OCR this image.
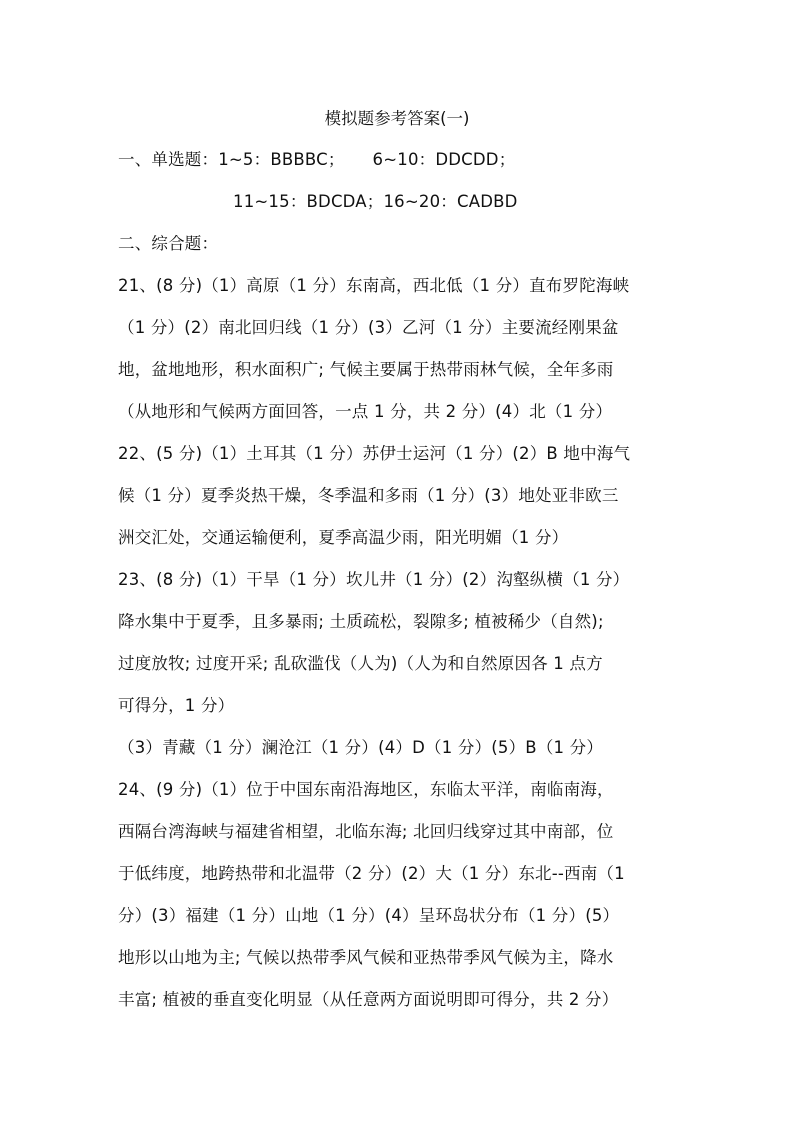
模拟题参考答案(一)
一、单选题：1~5：BBBBC； 6~10：DDCDD；
11~15：BDCDA；16~20：CADBD
二、综合题：
21、(8 分)（1）高原（1 分）东南高，西北低（1 分）直布罗陀海峡
（1 分）(2）南北回归线（1 分）(3）乙河（1 分）主要流经刚果盆
地，盆地地形，积水面积广; 气候主要属于热带雨林气候，全年多雨
（从地形和气候两方面回答，一点 1 分，共 2 分）(4）北（1 分）
22、(5 分)（1）土耳其（1 分）苏伊士运河（1 分）(2）B 地中海气
候（1 分）夏季炎热干燥，冬季温和多雨（1 分）(3）地处亚非欧三
洲交汇处，交通运输便利，夏季高温少雨，阳光明媚（1 分）
23、(8 分)（1）干旱（1 分）坎儿井（1 分）(2）沟壑纵横（1 分）
降水集中于夏季，且多暴雨; 土质疏松，裂隙多; 植被稀少（自然);
过度放牧; 过度开采; 乱砍滥伐（人为)（人为和自然原因各 1 点方
可得分，1 分）
（3）青藏（1 分）澜沧江（1 分）(4）D（1 分）(5）B（1 分）
24、(9 分)（1）位于中国东南沿海地区，东临太平洋，南临南海，
西隔台湾海峡与福建省相望，北临东海; 北回归线穿过其中南部，位
于低纬度，地跨热带和北温带（2 分）(2）大（1 分）东北--西南（1
分）(3）福建（1 分）山地（1 分）(4）呈环岛状分布（1 分）(5）
地形以山地为主; 气候以热带季风气候和亚热带季风气候为主，降水
丰富; 植被的垂直变化明显（从任意两方面说明即可得分，共 2 分）
